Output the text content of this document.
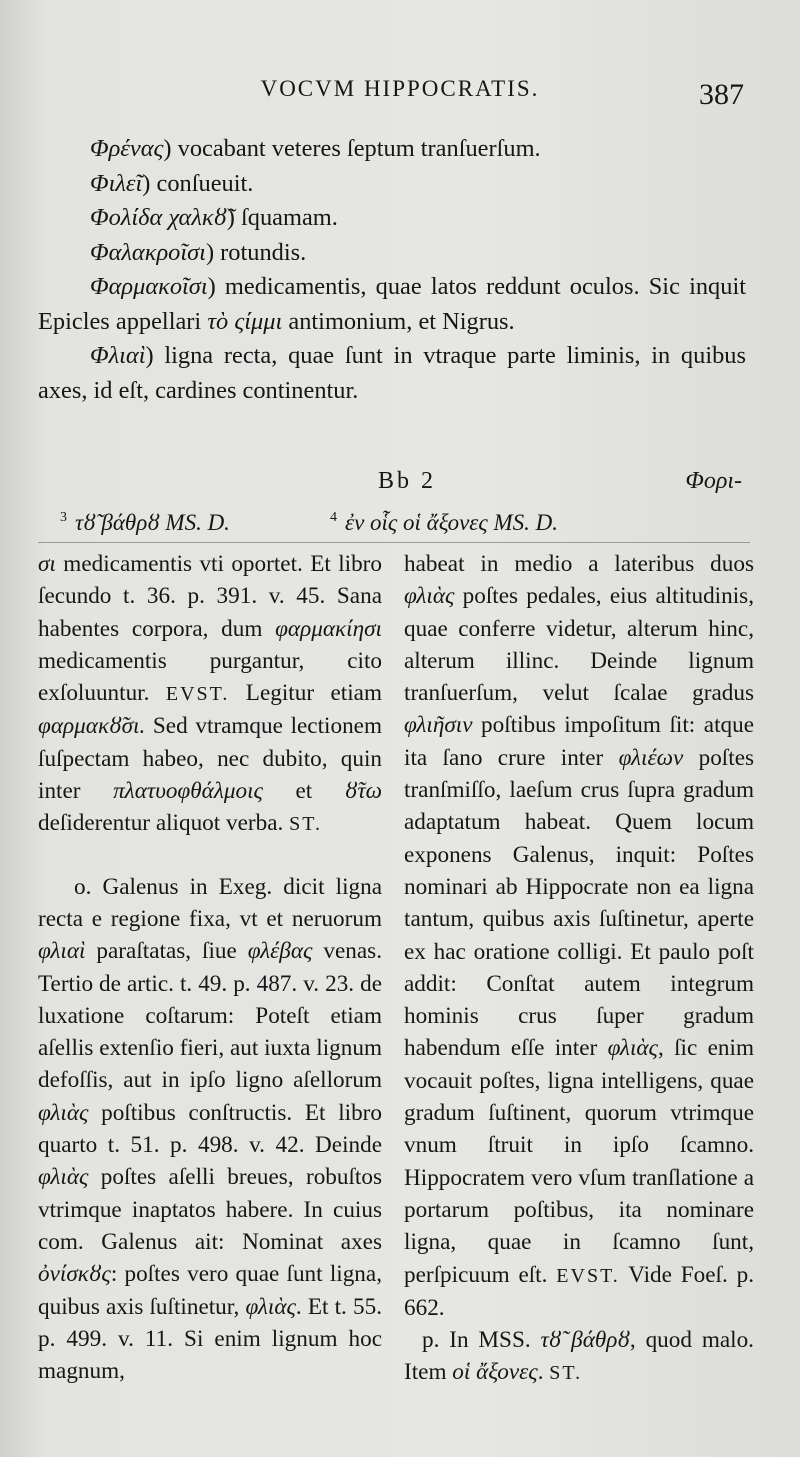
VOCVM HIPPOCRATIS.	387

Φρένας) vocabant veteres ſeptum tranſuerſum.

Φιλεῖ) conſueuit.

Φολίδα χαλκȣ̃) ſquamam.

Φαλακροῖσι) rotundis.

Φαρμακοῖσι) medicamentis, quae latos reddunt oculos. Sic inquit Epicles appellari τὸ ςίμμι antimonium, et Nigrus.

Φλιαὶ) ligna recta, quae ſunt in vtraque parte liminis, in quibus axes, id eſt, cardines continentur.

Bb 2	Φορι-
$^3$ τȣ̃ βάθρȣ MS. D.	$^4$ ἐν οἷς οἱ ἄξονες MS. D.

σι medicamentis vti oportet. Et libro ſecundo t. 36. p. 391. v. 45. Sana habentes corpora, dum φαρμακίησι medicamentis purgantur, cito exſoluuntur. EVST. Legitur etiam φαρμακȣ̃σι. Sed vtramque lectionem ſuſpectam habeo, nec dubito, quin inter πλατυοφθάλμοις et ȣ̃τω deſiderentur aliquot verba. ST.

o. Galenus in Exeg. dicit ligna recta e regione fixa, vt et neruorum φλιαὶ paraſtatas, ſiue φλέβας venas. Tertio de artic. t. 49. p. 487. v. 23. de luxatione coſtarum: Poteſt etiam aſellis extenſio fieri, aut iuxta lignum defoſſis, aut in ipſo ligno aſellorum φλιὰς poſtibus conſtructis. Et libro quarto t. 51. p. 498. v. 42. Deinde φλιὰς poſtes aſelli breues, robuſtos vtrimque inaptatos habere. In cuius com. Galenus ait: Nominat axes ὀνίσκȣς: poſtes vero quae ſunt ligna, quibus axis ſuſtinetur, φλιὰς. Et t. 55. p. 499. v. 11. Si enim lignum hoc magnum,

habeat in medio a lateribus duos φλιὰς poſtes pedales, eius altitudinis, quae conferre videtur, alterum hinc, alterum illinc. Deinde lignum tranſuerſum, velut ſcalae gradus φλιῆσιν poſtibus impoſitum ſit: atque ita ſano crure inter φλιέων poſtes tranſmiſſo, laeſum crus ſupra gradum adaptatum habeat. Quem locum exponens Galenus, inquit: Poſtes nominari ab Hippocrate non ea ligna tantum, quibus axis ſuſtinetur, aperte ex hac oratione colligi. Et paulo poſt addit: Conſtat autem integrum hominis crus ſuper gradum habendum eſſe inter φλιὰς, ſic enim vocauit poſtes, ligna intelligens, quae gradum ſuſtinent, quorum vtrimque vnum ſtruit in ipſo ſcamno. Hippocratem vero vſum tranſlatione a portarum poſtibus, ita nominare ligna, quae in ſcamno ſunt, perſpicuum eſt. EVST. Vide Foeſ. p. 662.

p. In MSS. τȣ̃ βάθρȣ, quod malo. Item οἱ ἄξονες. ST.
